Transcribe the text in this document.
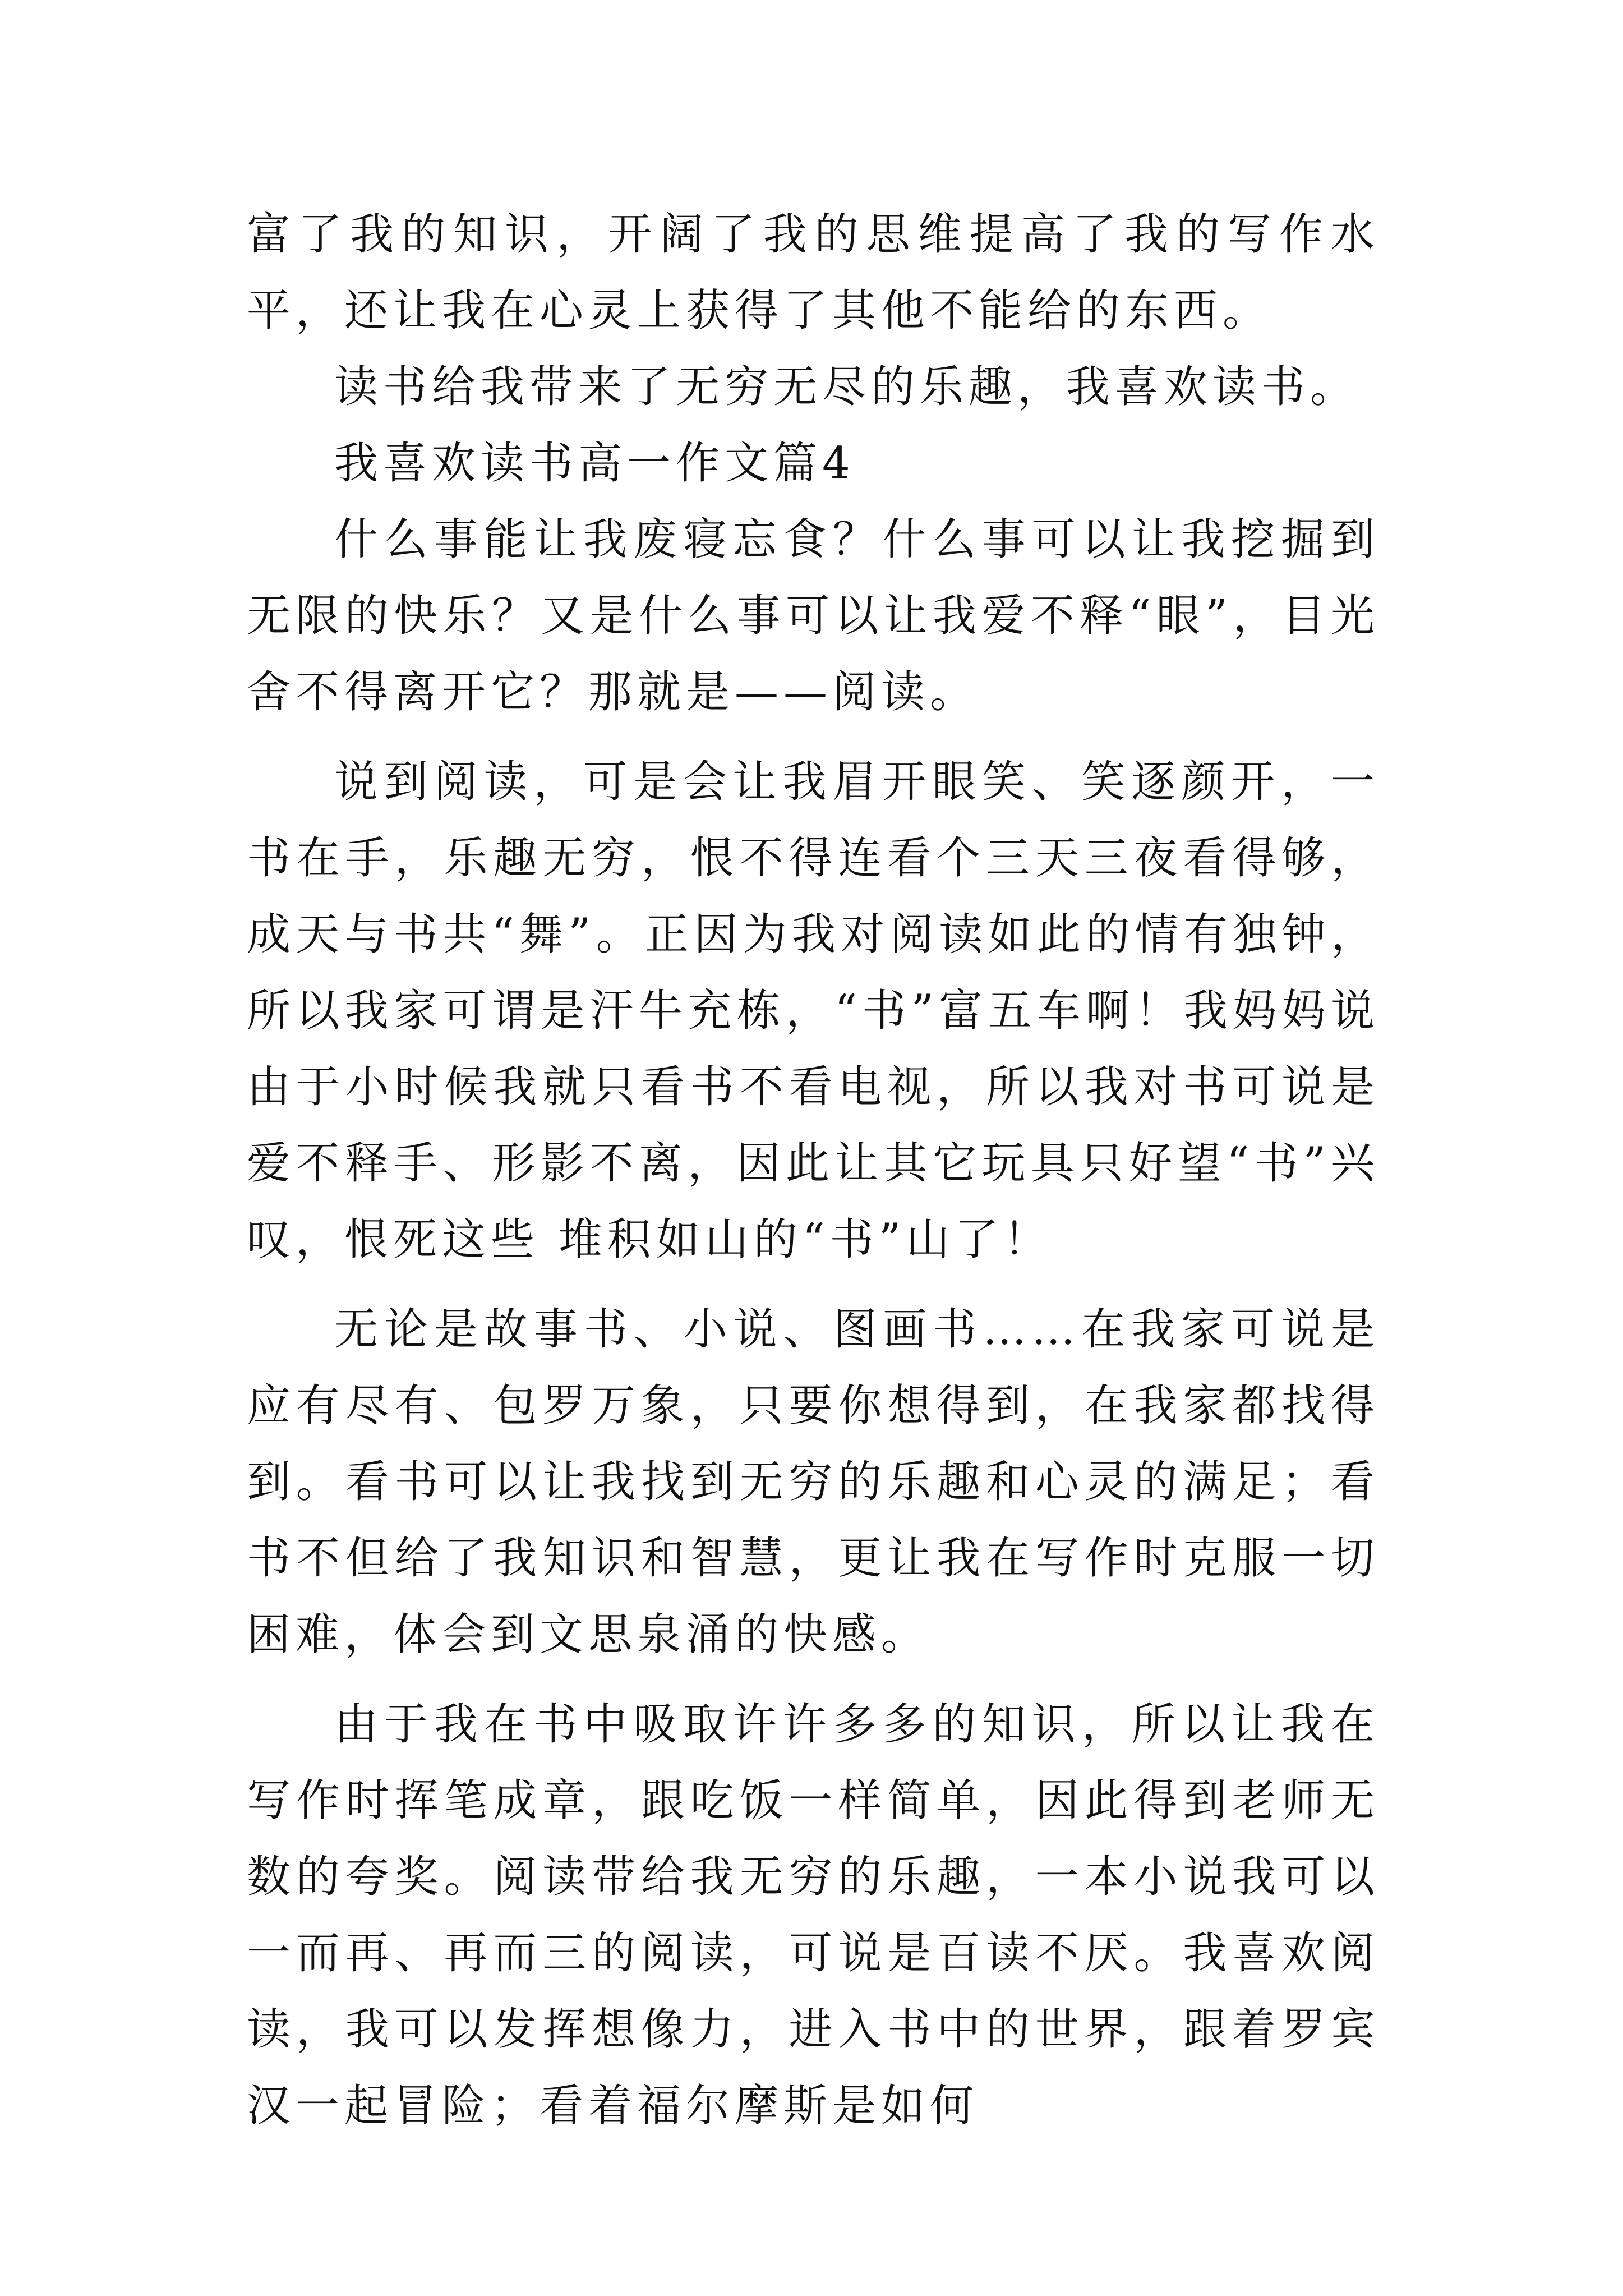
富了我的知识，开阔了我的思维提高了我的写作水平，还让我在心灵上获得了其他不能给的东西。

读书给我带来了无穷无尽的乐趣，我喜欢读书。

我喜欢读书高一作文篇4

什么事能让我废寝忘食？什么事可以让我挖掘到无限的快乐？又是什么事可以让我爱不释“眼”，目光舍不得离开它？那就是——阅读。

说到阅读，可是会让我眉开眼笑、笑逐颜开，一书在手，乐趣无穷，恨不得连看个三天三夜看得够，成天与书共“舞”。正因为我对阅读如此的情有独钟，所以我家可谓是汗牛充栋，“书”富五车啊！我妈妈说由于小时候我就只看书不看电视，所以我对书可说是爱不释手、形影不离，因此让其它玩具只好望“书”兴叹，恨死这些 堆积如山的“书”山了！

无论是故事书、小说、图画书……在我家可说是应有尽有、包罗万象，只要你想得到，在我家都找得到。看书可以让我找到无穷的乐趣和心灵的满足；看书不但给了我知识和智慧，更让我在写作时克服一切困难，体会到文思泉涌的快感。

由于我在书中吸取许许多多的知识，所以让我在写作时挥笔成章，跟吃饭一样简单，因此得到老师无数的夸奖。阅读带给我无穷的乐趣，一本小说我可以一而再、再而三的阅读，可说是百读不厌。我喜欢阅读，我可以发挥想像力，进入书中的世界，跟着罗宾汉一起冒险；看着福尔摩斯是如何
